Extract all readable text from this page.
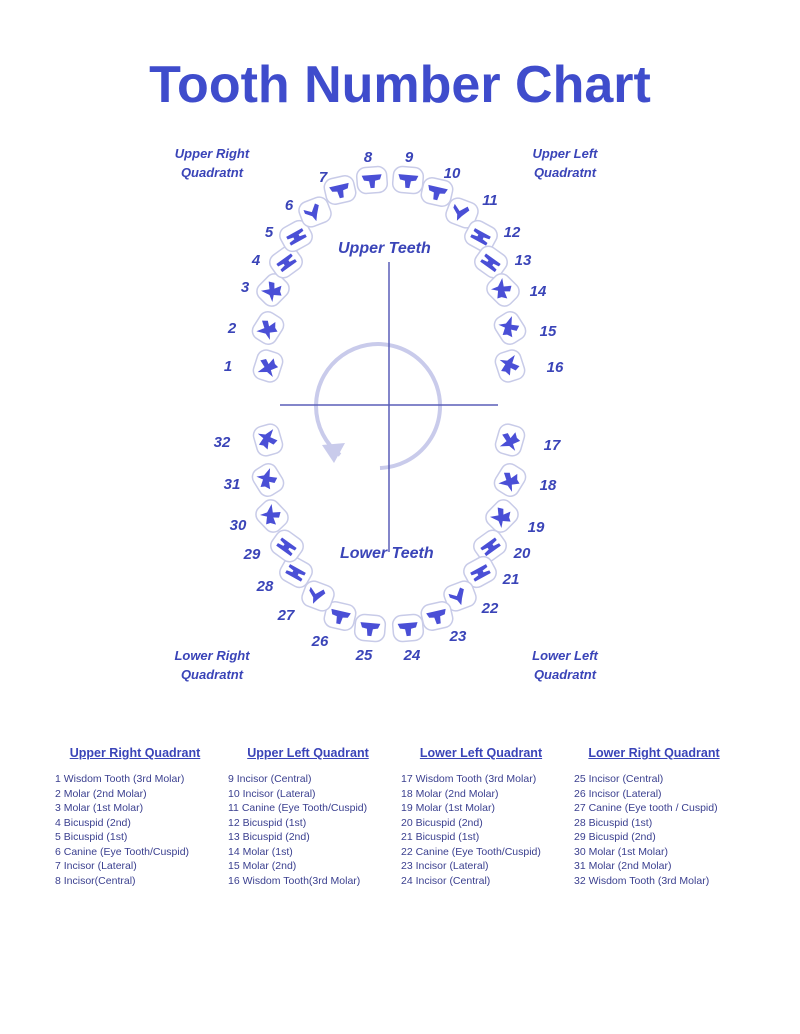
Tooth Number Chart
Upper Right
Quadratnt
Upper Left
Quadratnt
Lower Right
Quadratnt
Lower Left
Quadratnt
1
2
3
4
5
6
7
8 9
10
11
12
13
14
15
16
17
18
19
20
21
22
23
24
25
26
27
28
29
30
31
32
Upper Teeth
Lower Teeth
Upper Right Quadrant
1 Wisdom Tooth (3rd Molar)
2 Molar (2nd Molar)
3 Molar (1st Molar)
4 Bicuspid (2nd)
5 Bicuspid (1st)
6 Canine (Eye Tooth/Cuspid)
7 Incisor (Lateral)
8 Incisor(Central)
Upper Left Quadrant
9 Incisor (Central)
10 Incisor (Lateral)
11 Canine (Eye Tooth/Cuspid)
12 Bicuspid (1st)
13 Bicuspid (2nd)
14 Molar (1st)
15 Molar (2nd)
16 Wisdom Tooth(3rd Molar)
Lower Left Quadrant
17 Wisdom Tooth (3rd Molar)
18 Molar (2nd Molar)
19 Molar (1st Molar)
20 Bicuspid (2nd)
21 Bicuspid (1st)
22 Canine (Eye Tooth/Cuspid)
23 Incisor (Lateral)
24 Incisor (Central)
Lower Right Quadrant
25 Incisor (Central)
26 Incisor (Lateral)
27 Canine (Eye tooth / Cuspid)
28 Bicuspid (1st)
29 Bicuspid (2nd)
30 Molar (1st Molar)
31 Molar (2nd Molar)
32 Wisdom Tooth (3rd Molar)
